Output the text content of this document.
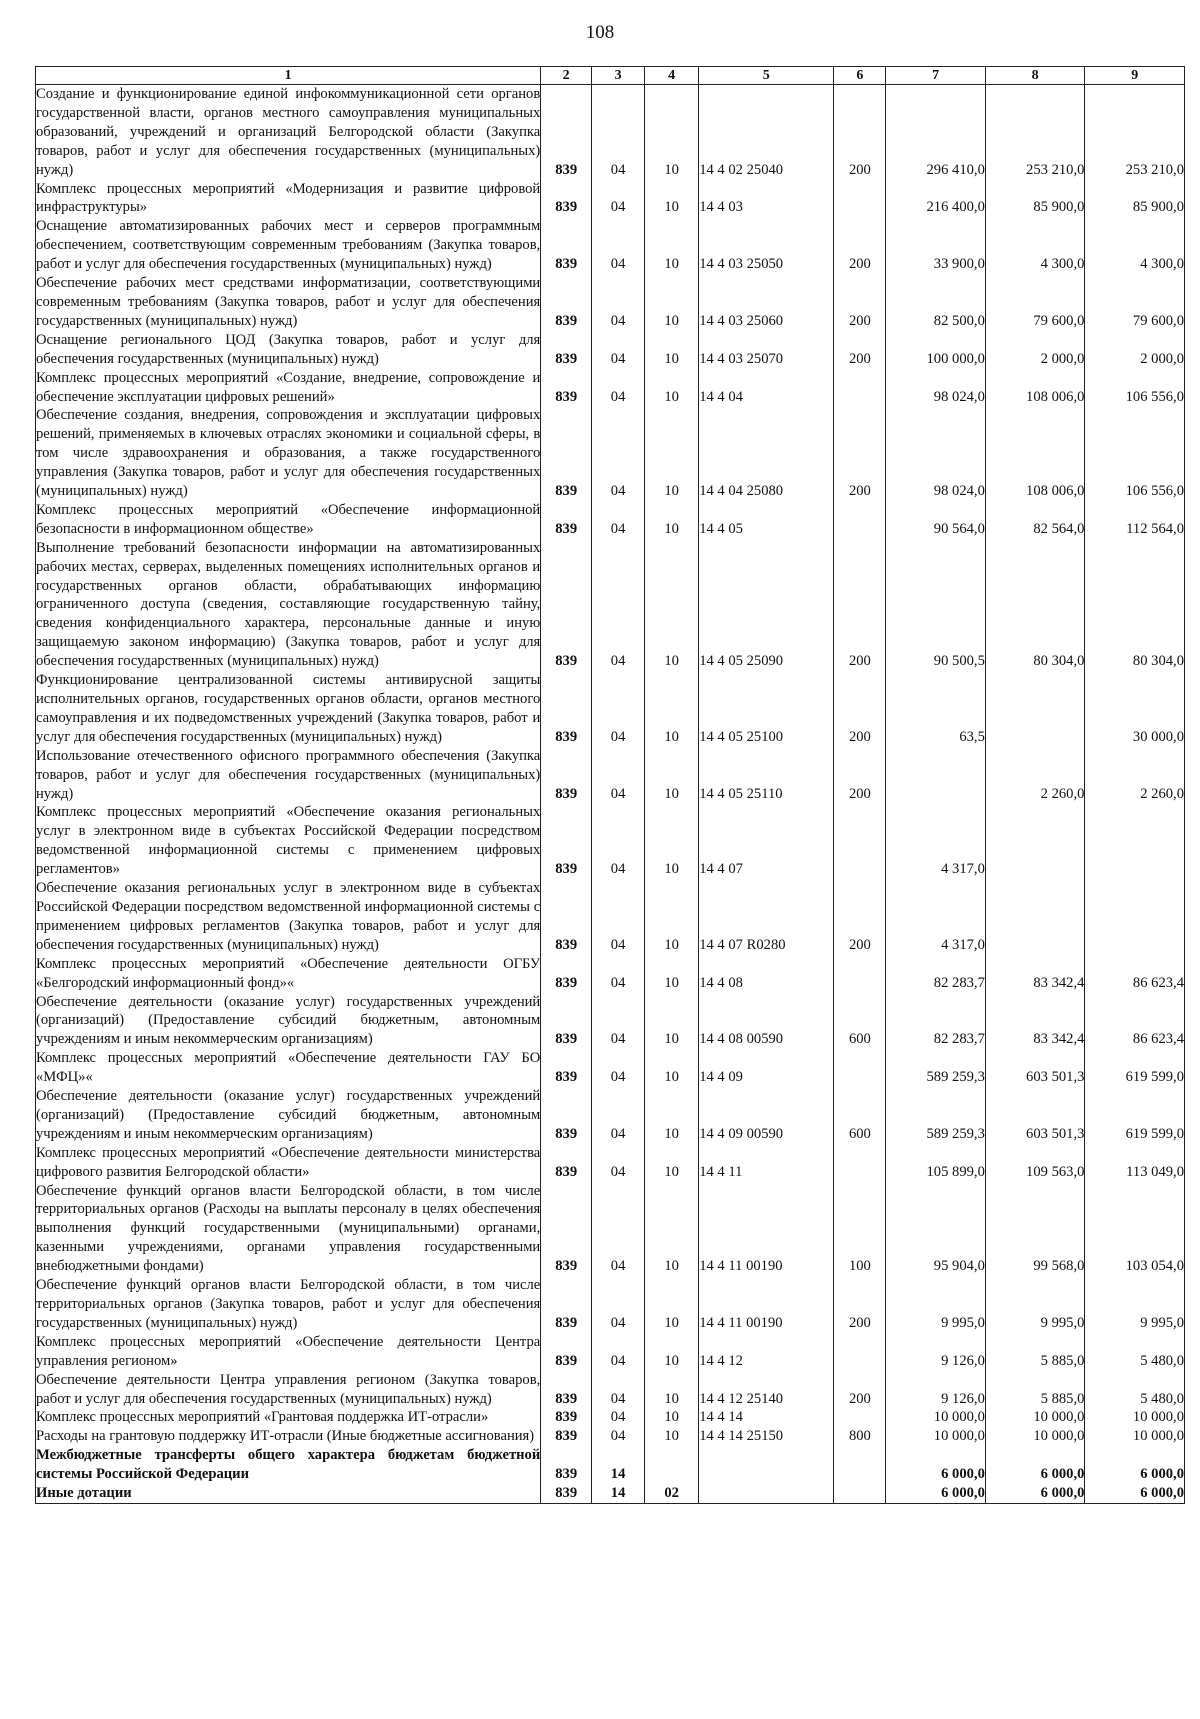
108
1	2	3	4	5	6	7	8	9
Создание и функционирование единой инфокоммуникационной сети органов государственной власти, органов местного самоуправления муниципальных образований, учреждений и организаций Белгородской области (Закупка товаров, работ и услуг для обеспечения государственных (муниципальных) нужд)	839	04	10	14 4 02 25040	200	296 410,0	253 210,0	253 210,0
Комплекс процессных мероприятий «Модернизация и развитие цифровой инфраструктуры»	839	04	10	14 4 03		216 400,0	85 900,0	85 900,0
Оснащение автоматизированных рабочих мест и серверов программным обеспечением, соответствующим современным требованиям (Закупка товаров, работ и услуг для обеспечения государственных (муниципальных) нужд)	839	04	10	14 4 03 25050	200	33 900,0	4 300,0	4 300,0
Обеспечение рабочих мест средствами информатизации, соответствующими современным требованиям (Закупка товаров, работ и услуг для обеспечения государственных (муниципальных) нужд)	839	04	10	14 4 03 25060	200	82 500,0	79 600,0	79 600,0
Оснащение регионального ЦОД (Закупка товаров, работ и услуг для обеспечения государственных (муниципальных) нужд)	839	04	10	14 4 03 25070	200	100 000,0	2 000,0	2 000,0
Комплекс процессных мероприятий «Создание, внедрение, сопровождение и обеспечение эксплуатации цифровых решений»	839	04	10	14 4 04		98 024,0	108 006,0	106 556,0
Обеспечение создания, внедрения, сопровождения и эксплуатации цифровых решений, применяемых в ключевых отраслях экономики и социальной сферы, в том числе здравоохранения и образования, а также государственного управления (Закупка товаров, работ и услуг для обеспечения государственных (муниципальных) нужд)	839	04	10	14 4 04 25080	200	98 024,0	108 006,0	106 556,0
Комплекс процессных мероприятий «Обеспечение информационной безопасности в информационном обществе»	839	04	10	14 4 05		90 564,0	82 564,0	112 564,0
Выполнение требований безопасности информации на автоматизированных рабочих местах, серверах, выделенных помещениях исполнительных органов и государственных органов области, обрабатывающих информацию ограниченного доступа (сведения, составляющие государственную тайну, сведения конфиденциального характера, персональные данные и иную защищаемую законом информацию) (Закупка товаров, работ и услуг для обеспечения государственных (муниципальных) нужд)	839	04	10	14 4 05 25090	200	90 500,5	80 304,0	80 304,0
Функционирование централизованной системы антивирусной защиты исполнительных органов, государственных органов области, органов местного самоуправления и их подведомственных учреждений (Закупка товаров, работ и услуг для обеспечения государственных (муниципальных) нужд)	839	04	10	14 4 05 25100	200	63,5		30 000,0
Использование отечественного офисного программного обеспечения (Закупка товаров, работ и услуг для обеспечения государственных (муниципальных) нужд)	839	04	10	14 4 05 25110	200		2 260,0	2 260,0
Комплекс процессных мероприятий «Обеспечение оказания региональных услуг в электронном виде в субъектах Российской Федерации посредством ведомственной информационной системы с применением цифровых регламентов»	839	04	10	14 4 07		4 317,0		
Обеспечение оказания региональных услуг в электронном виде в субъектах Российской Федерации посредством ведомственной информационной системы с применением цифровых регламентов (Закупка товаров, работ и услуг для обеспечения государственных (муниципальных) нужд)	839	04	10	14 4 07 R0280	200	4 317,0		
Комплекс процессных мероприятий «Обеспечение деятельности ОГБУ «Белгородский информационный фонд»«	839	04	10	14 4 08		82 283,7	83 342,4	86 623,4
Обеспечение деятельности (оказание услуг) государственных учреждений (организаций) (Предоставление субсидий бюджетным, автономным учреждениям и иным некоммерческим организациям)	839	04	10	14 4 08 00590	600	82 283,7	83 342,4	86 623,4
Комплекс процессных мероприятий «Обеспечение деятельности ГАУ БО «МФЦ»«	839	04	10	14 4 09		589 259,3	603 501,3	619 599,0
Обеспечение деятельности (оказание услуг) государственных учреждений (организаций) (Предоставление субсидий бюджетным, автономным учреждениям и иным некоммерческим организациям)	839	04	10	14 4 09 00590	600	589 259,3	603 501,3	619 599,0
Комплекс процессных мероприятий «Обеспечение деятельности министерства цифрового развития Белгородской области»	839	04	10	14 4 11		105 899,0	109 563,0	113 049,0
Обеспечение функций органов власти Белгородской области, в том числе территориальных органов (Расходы на выплаты персоналу в целях обеспечения выполнения функций государственными (муниципальными) органами, казенными учреждениями, органами управления государственными внебюджетными фондами)	839	04	10	14 4 11 00190	100	95 904,0	99 568,0	103 054,0
Обеспечение функций органов власти Белгородской области, в том числе территориальных органов (Закупка товаров, работ и услуг для обеспечения государственных (муниципальных) нужд)	839	04	10	14 4 11 00190	200	9 995,0	9 995,0	9 995,0
Комплекс процессных мероприятий «Обеспечение деятельности Центра управления регионом»	839	04	10	14 4 12		9 126,0	5 885,0	5 480,0
Обеспечение деятельности Центра управления регионом (Закупка товаров, работ и услуг для обеспечения государственных (муниципальных) нужд)	839	04	10	14 4 12 25140	200	9 126,0	5 885,0	5 480,0
Комплекс процессных мероприятий «Грантовая поддержка ИТ-отрасли»	839	04	10	14 4 14		10 000,0	10 000,0	10 000,0
Расходы на грантовую поддержку ИТ-отрасли (Иные бюджетные ассигнования)	839	04	10	14 4 14 25150	800	10 000,0	10 000,0	10 000,0
Межбюджетные трансферты общего характера бюджетам бюджетной системы Российской Федерации	839	14				6 000,0	6 000,0	6 000,0
Иные дотации	839	14	02			6 000,0	6 000,0	6 000,0
